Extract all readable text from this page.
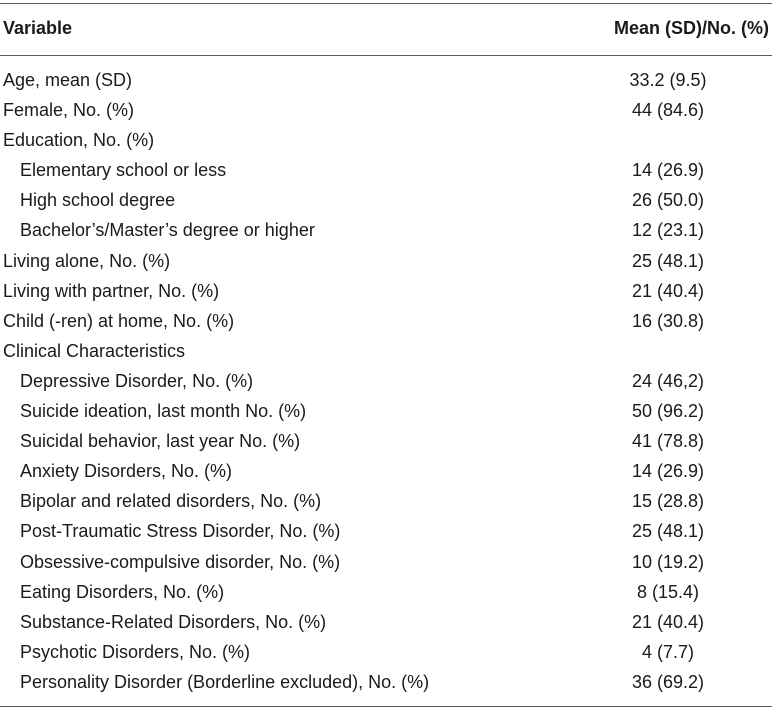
Variable	Mean (SD)/No. (%)
Age, mean (SD)	33.2 (9.5)
Female, No. (%)	44 (84.6)
Education, No. (%)
Elementary school or less	14 (26.9)
High school degree	26 (50.0)
Bachelor’s/Master’s degree or higher	12 (23.1)
Living alone, No. (%)	25 (48.1)
Living with partner, No. (%)	21 (40.4)
Child (-ren) at home, No. (%)	16 (30.8)
Clinical Characteristics
Depressive Disorder, No. (%)	24 (46,2)
Suicide ideation, last month No. (%)	50 (96.2)
Suicidal behavior, last year No. (%)	41 (78.8)
Anxiety Disorders, No. (%)	14 (26.9)
Bipolar and related disorders, No. (%)	15 (28.8)
Post-Traumatic Stress Disorder, No. (%)	25 (48.1)
Obsessive-compulsive disorder, No. (%)	10 (19.2)
Eating Disorders, No. (%)	8 (15.4)
Substance-Related Disorders, No. (%)	21 (40.4)
Psychotic Disorders, No. (%)	4 (7.7)
Personality Disorder (Borderline excluded), No. (%)	36 (69.2)
